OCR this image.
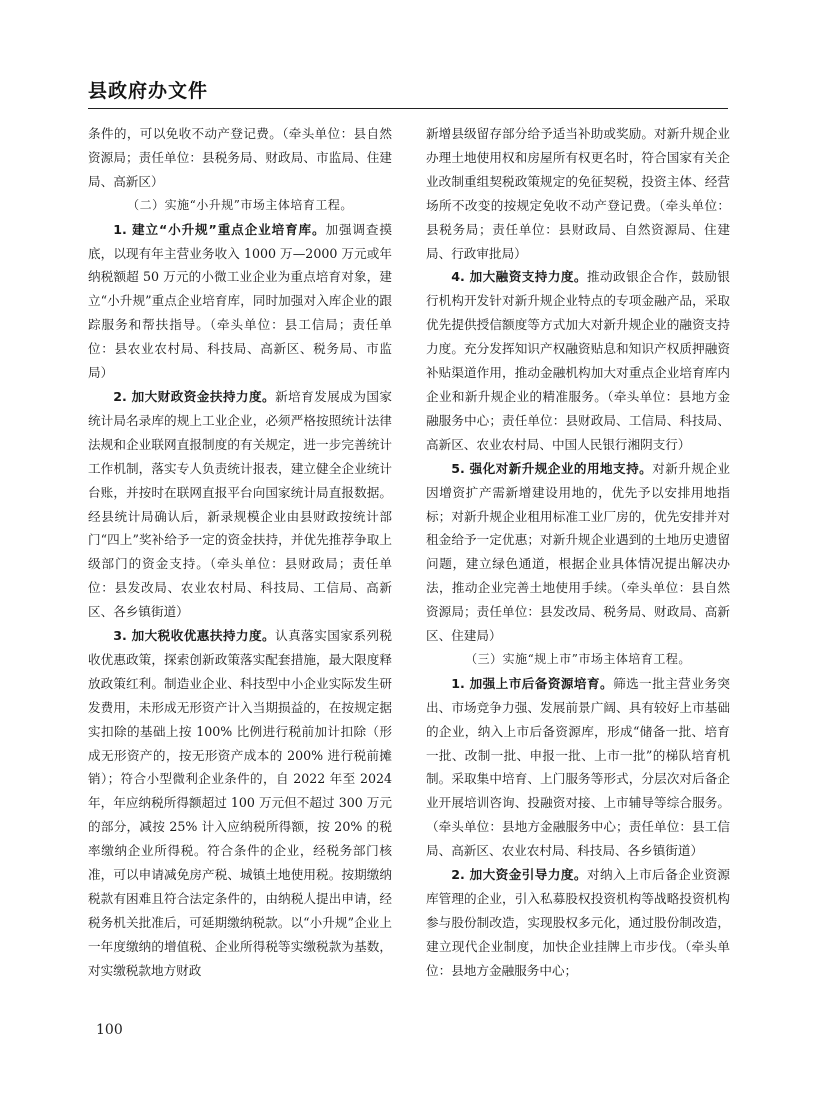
县政府办文件

条件的，可以免收不动产登记费。（牵头单位：县自然资源局；责任单位：县税务局、财政局、市监局、住建局、高新区）

（二）实施“小升规”市场主体培育工程。

1. 建立“小升规”重点企业培育库。加强调查摸底，以现有年主营业务收入 1000 万—2000 万元或年纳税额超 50 万元的小微工业企业为重点培育对象，建立“小升规”重点企业培育库，同时加强对入库企业的跟踪服务和帮扶指导。（牵头单位：县工信局；责任单位：县农业农村局、科技局、高新区、税务局、市监局）

2. 加大财政资金扶持力度。新培育发展成为国家统计局名录库的规上工业企业，必须严格按照统计法律法规和企业联网直报制度的有关规定，进一步完善统计工作机制，落实专人负责统计报表，建立健全企业统计台账，并按时在联网直报平台向国家统计局直报数据。经县统计局确认后，新录规模企业由县财政按统计部门“四上”奖补给予一定的资金扶持，并优先推荐争取上级部门的资金支持。（牵头单位：县财政局；责任单位：县发改局、农业农村局、科技局、工信局、高新区、各乡镇街道）

3. 加大税收优惠扶持力度。认真落实国家系列税收优惠政策，探索创新政策落实配套措施，最大限度释放政策红利。制造业企业、科技型中小企业实际发生研发费用，未形成无形资产计入当期损益的，在按规定据实扣除的基础上按 100% 比例进行税前加计扣除（形成无形资产的，按无形资产成本的 200% 进行税前摊销）；符合小型微利企业条件的，自 2022 年至 2024 年，年应纳税所得额超过 100 万元但不超过 300 万元的部分，减按 25% 计入应纳税所得额，按 20% 的税率缴纳企业所得税。符合条件的企业，经税务部门核准，可以申请减免房产税、城镇土地使用税。按期缴纳税款有困难且符合法定条件的，由纳税人提出申请，经税务机关批准后，可延期缴纳税款。以“小升规”企业上一年度缴纳的增值税、企业所得税等实缴税款为基数，对实缴税款地方财政

新增县级留存部分给予适当补助或奖励。对新升规企业办理土地使用权和房屋所有权更名时，符合国家有关企业改制重组契税政策规定的免征契税，投资主体、经营场所不改变的按规定免收不动产登记费。（牵头单位：县税务局；责任单位：县财政局、自然资源局、住建局、行政审批局）

4. 加大融资支持力度。推动政银企合作，鼓励银行机构开发针对新升规企业特点的专项金融产品，采取优先提供授信额度等方式加大对新升规企业的融资支持力度。充分发挥知识产权融资贴息和知识产权质押融资补贴渠道作用，推动金融机构加大对重点企业培育库内企业和新升规企业的精准服务。（牵头单位：县地方金融服务中心；责任单位：县财政局、工信局、科技局、高新区、农业农村局、中国人民银行湘阴支行）

5. 强化对新升规企业的用地支持。对新升规企业因增资扩产需新增建设用地的，优先予以安排用地指标；对新升规企业租用标准工业厂房的，优先安排并对租金给予一定优惠；对新升规企业遇到的土地历史遗留问题，建立绿色通道，根据企业具体情况提出解决办法，推动企业完善土地使用手续。（牵头单位：县自然资源局；责任单位：县发改局、税务局、财政局、高新区、住建局）

（三）实施“规上市”市场主体培育工程。

1. 加强上市后备资源培育。筛选一批主营业务突出、市场竞争力强、发展前景广阔、具有较好上市基础的企业，纳入上市后备资源库，形成“储备一批、培育一批、改制一批、申报一批、上市一批”的梯队培育机制。采取集中培育、上门服务等形式，分层次对后备企业开展培训咨询、投融资对接、上市辅导等综合服务。（牵头单位：县地方金融服务中心；责任单位：县工信局、高新区、农业农村局、科技局、各乡镇街道）

2. 加大资金引导力度。对纳入上市后备企业资源库管理的企业，引入私募股权投资机构等战略投资机构参与股份制改造，实现股权多元化，通过股份制改造，建立现代企业制度，加快企业挂牌上市步伐。（牵头单位：县地方金融服务中心；

100
